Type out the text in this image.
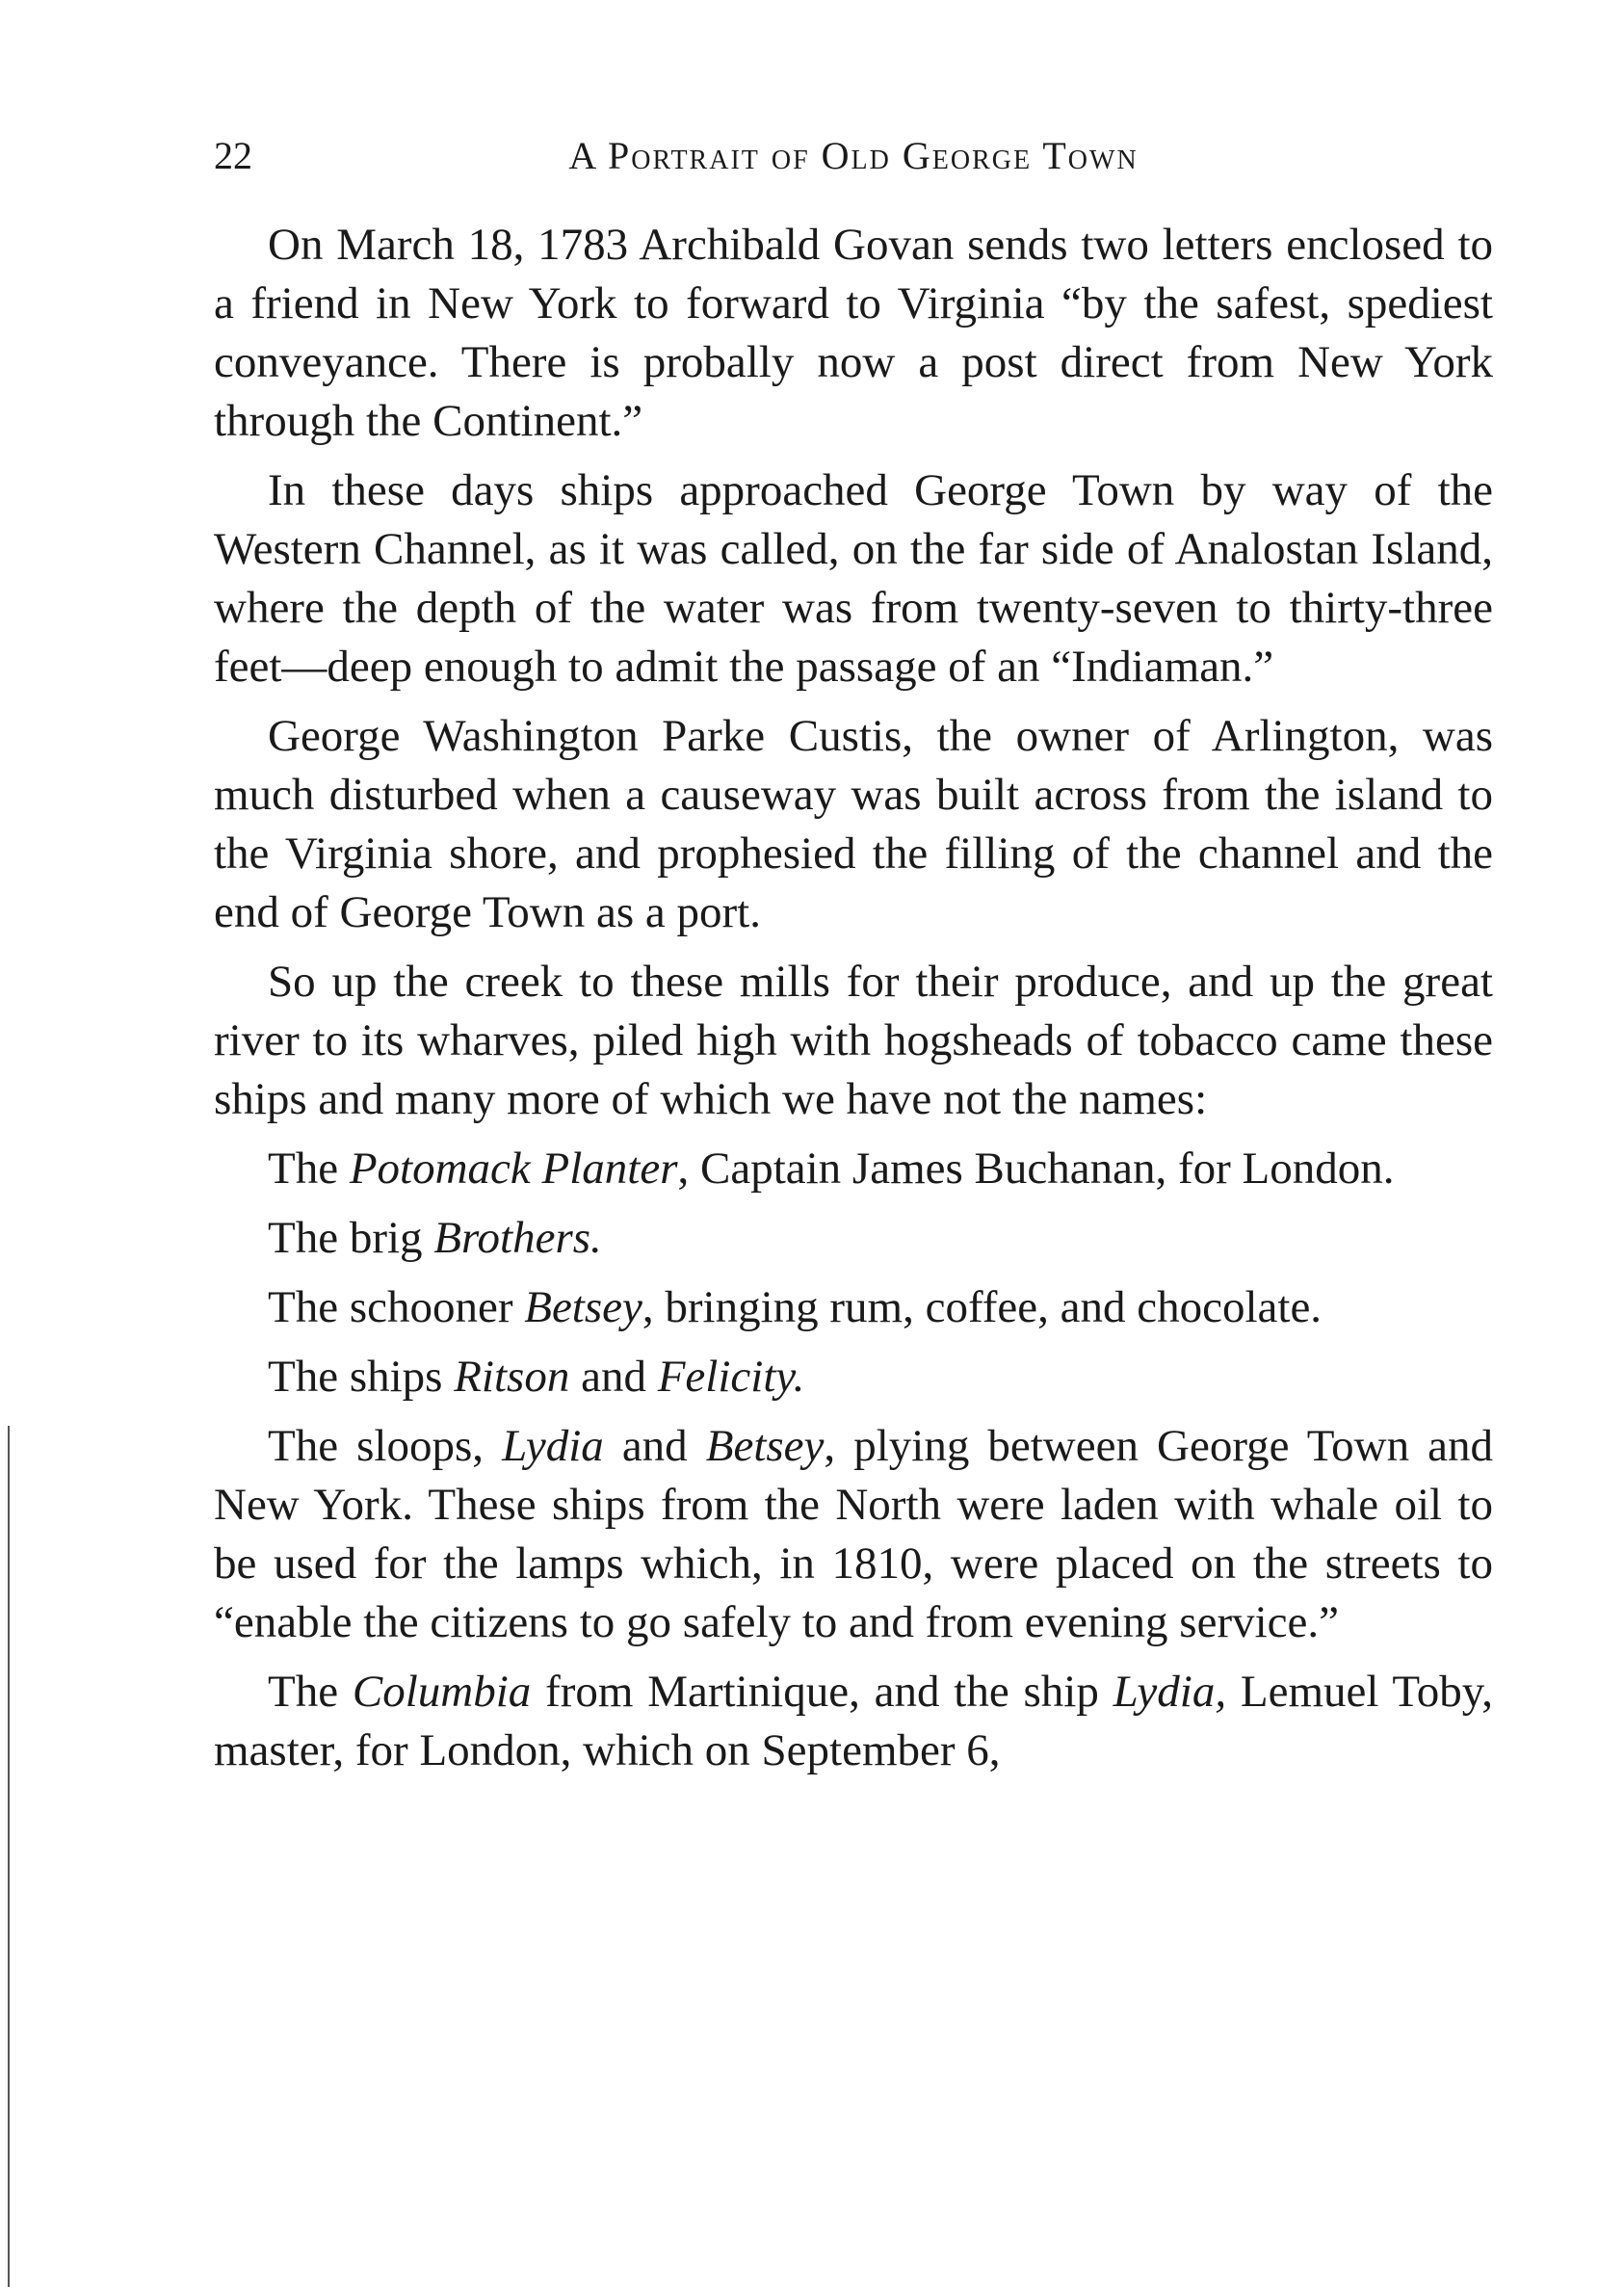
22	A Portrait of Old George Town

On March 18, 1783 Archibald Govan sends two letters enclosed to a friend in New York to forward to Virginia “by the safest, spediest conveyance. There is probally now a post direct from New York through the Continent.”

In these days ships approached George Town by way of the Western Channel, as it was called, on the far side of Analostan Island, where the depth of the water was from twenty-seven to thirty-three feet—deep enough to admit the passage of an “Indiaman.”

George Washington Parke Custis, the owner of Arlington, was much disturbed when a causeway was built across from the island to the Virginia shore, and prophesied the filling of the channel and the end of George Town as a port.

So up the creek to these mills for their produce, and up the great river to its wharves, piled high with hogsheads of tobacco came these ships and many more of which we have not the names:

The Potomack Planter, Captain James Buchanan, for London.

The brig Brothers.

The schooner Betsey, bringing rum, coffee, and chocolate.

The ships Ritson and Felicity.

The sloops, Lydia and Betsey, plying between George Town and New York. These ships from the North were laden with whale oil to be used for the lamps which, in 1810, were placed on the streets to “enable the citizens to go safely to and from evening service.”

The Columbia from Martinique, and the ship Lydia, Lemuel Toby, master, for London, which on September 6,
